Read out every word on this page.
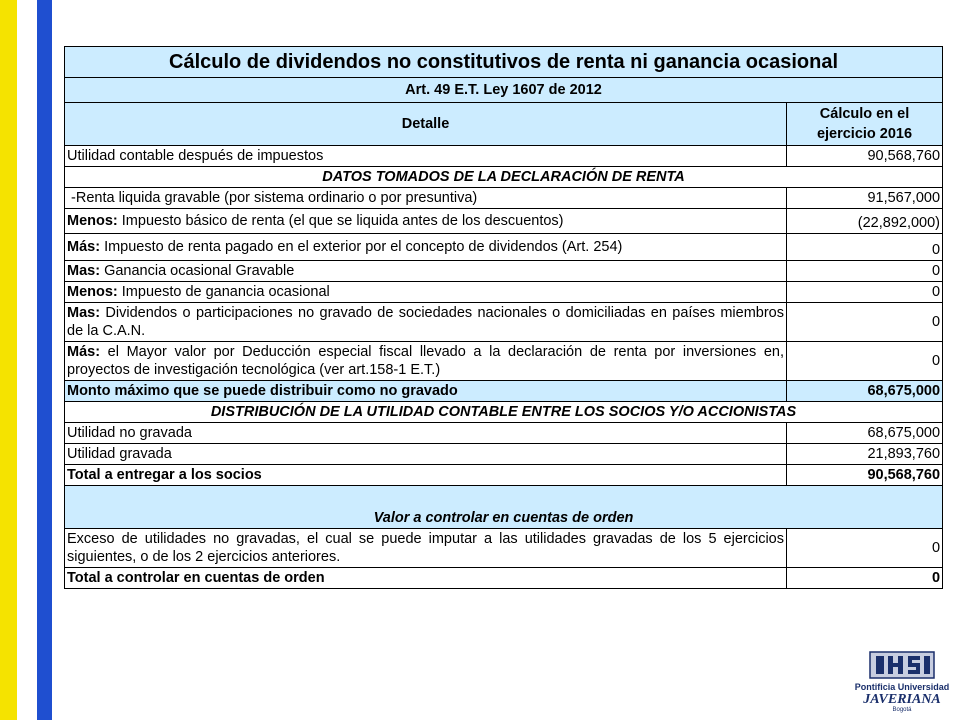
Cálculo de dividendos no constitutivos de renta ni ganancia ocasional	
Art. 49 E.T. Ley 1607 de 2012	
Detalle	Cálculo en el ejercicio 2016
Utilidad contable después de impuestos	90,568,760
DATOS TOMADOS DE LA DECLARACIÓN DE RENTA	
-Renta liquida gravable (por sistema ordinario o por presuntiva)	91,567,000
Menos: Impuesto básico de renta (el que se liquida antes de los descuentos)	(22,892,000)
Más: Impuesto de renta pagado en el exterior por el concepto de dividendos (Art. 254)	0
Mas: Ganancia ocasional Gravable	0
Menos: Impuesto de ganancia ocasional	0
Mas: Dividendos o participaciones no gravado de sociedades nacionales o domiciliadas en países miembros de la C.A.N.	0
Más: el Mayor valor por Deducción especial fiscal llevado a la declaración de renta por inversiones en, proyectos de investigación tecnológica (ver art.158-1 E.T.)	0
Monto máximo que se puede distribuir como no gravado	68,675,000
DISTRIBUCIÓN DE LA UTILIDAD CONTABLE ENTRE LOS SOCIOS Y/O ACCIONISTAS	
Utilidad no gravada	68,675,000
Utilidad gravada	21,893,760
Total a entregar a los socios	90,568,760
Valor a controlar en cuentas de orden	
Exceso de utilidades no gravadas, el cual se puede imputar a las utilidades gravadas de los 5 ejercicios siguientes, o de los 2 ejercicios anteriores.	0
Total a controlar en cuentas de orden	0
Pontificia Universidad
JAVERIANA
Bogotá
